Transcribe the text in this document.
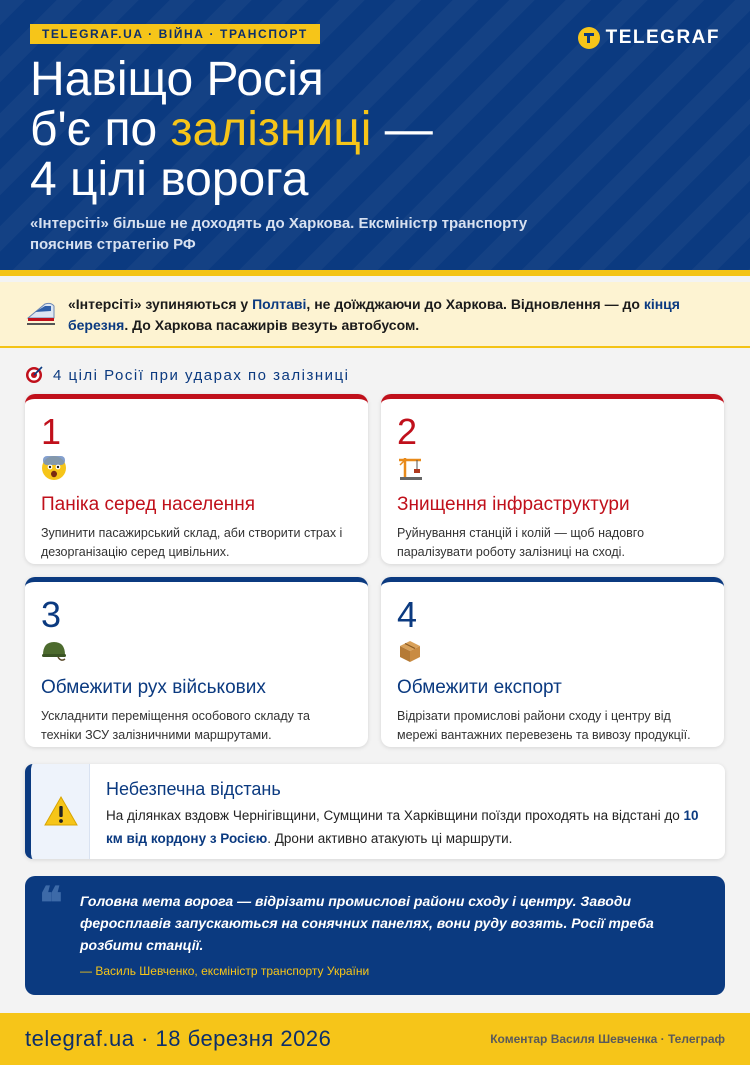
TELEGRAF.UA · ВІЙНА · ТРАНСПОРТ	TELEGRAF
Навіщо Росія
б'є по залізниці —
4 цілі ворога

«Інтерсіті» більше не доходять до Харкова. Ексміністр транспорту пояснив стратегію РФ

«Інтерсіті» зупиняються у Полтаві, не доїжджаючи до Харкова. Відновлення — до кінця березня. До Харкова пасажирів везуть автобусом.
4 цілі Росії при ударах по залізниці
1
Паніка серед населення
Зупинити пасажирський склад, аби створити страх і дезорганізацію серед цивільних.
2
Знищення інфраструктури
Руйнування станцій і колій — щоб надовго паралізувати роботу залізниці на сході.
3
Обмежити рух військових
Ускладнити переміщення особового складу та техніки ЗСУ залізничними маршрутами.
4
Обмежити експорт
Відрізати промислові райони сходу і центру від мережі вантажних перевезень та вивозу продукції.
Небезпечна відстань
На ділянках вздовж Чернігівщини, Сумщини та Харківщини поїзди проходять на відстані до 10 км від кордону з Росією. Дрони активно атакують ці маршрути.
❝ Головна мета ворога — відрізати промислові райони сходу і центру. Заводи феросплавів запускаються на сонячних панелях, вони руду возять. Росії треба розбити станції.
— Василь Шевченко, ексміністр транспорту України
telegraf.ua · 18 березня 2026	Коментар Василя Шевченка · Телеграф
